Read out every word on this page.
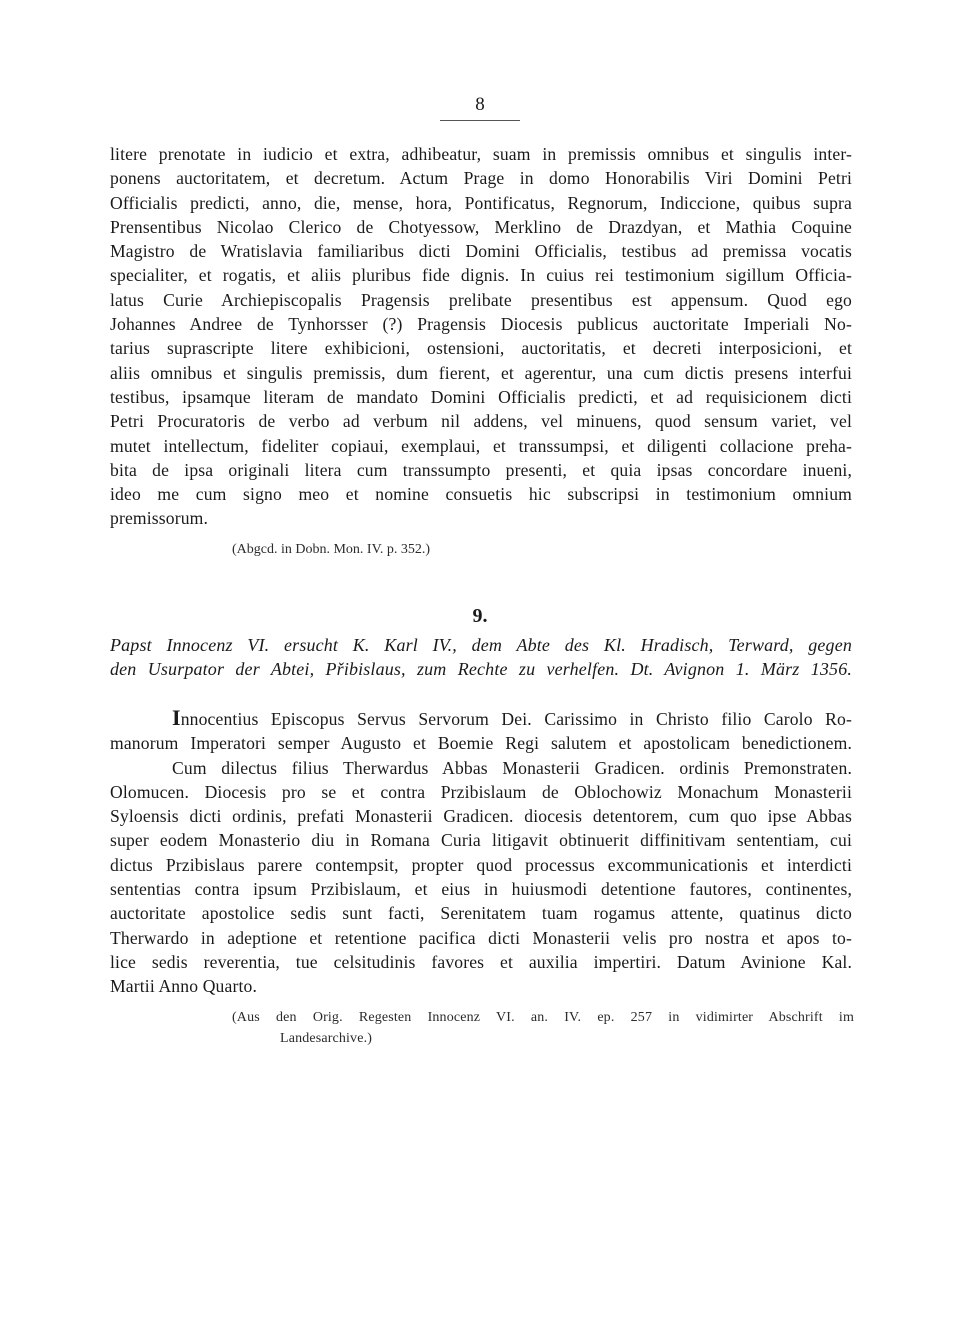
8
litere prenotate in iudicio et extra, adhibeatur, suam in premissis omnibus et singulis inter-
ponens auctoritatem, et decretum. Actum Prage in domo Honorabilis Viri Domini Petri
Officialis predicti, anno, die, mense, hora, Pontificatus, Regnorum, Indiccione, quibus supra
Prensentibus Nicolao Clerico de Chotyessow, Merklino de Drazdyan, et Mathia Coquine
Magistro de Wratislavia familiaribus dicti Domini Officialis, testibus ad premissa vocatis
specialiter, et rogatis, et aliis pluribus fide dignis. In cuius rei testimonium sigillum Officia-
latus Curie Archiepiscopalis Pragensis prelibate presentibus est appensum. Quod ego
Johannes Andree de Tynhorsser (?) Pragensis Diocesis publicus auctoritate Imperiali No-
tarius suprascripte litere exhibicioni, ostensioni, auctoritatis, et decreti interposicioni, et
aliis omnibus et singulis premissis, dum fierent, et agerentur, una cum dictis presens interfui
testibus, ipsamque literam de mandato Domini Officialis predicti, et ad requisicionem dicti
Petri Procuratoris de verbo ad verbum nil addens, vel minuens, quod sensum variet, vel
mutet intellectum, fideliter copiaui, exemplaui, et transsumpsi, et diligenti collacione preha-
bita de ipsa originali litera cum transsumpto presenti, et quia ipsas concordare inueni,
ideo me cum signo meo et nomine consuetis hic subscripsi in testimonium omnium
premissorum.
(Abgcd. in Dobn. Mon. IV. p. 352.)
9.
Papst Innocenz VI. ersucht K. Karl IV., dem Abte des Kl. Hradisch, Terward, gegen
den Usurpator der Abtei, Přibislaus, zum Rechte zu verhelfen. Dt. Avignon 1. März 1356.
Innocentius Episcopus Servus Servorum Dei. Carissimo in Christo filio Carolo Ro-
manorum Imperatori semper Augusto et Boemie Regi salutem et apostolicam benedictionem.
Cum dilectus filius Therwardus Abbas Monasterii Gradicen. ordinis Premonstraten.
Olomucen. Diocesis pro se et contra Przibislaum de Oblochowiz Monachum Monasterii
Syloensis dicti ordinis, prefati Monasterii Gradicen. diocesis detentorem, cum quo ipse Abbas
super eodem Monasterio diu in Romana Curia litigavit obtinuerit diffinitivam sententiam, cui
dictus Przibislaus parere contempsit, propter quod processus excommunicationis et interdicti
sententias contra ipsum Przibislaum, et eius in huiusmodi detentione fautores, continentes,
auctoritate apostolice sedis sunt facti, Serenitatem tuam rogamus attente, quatinus dicto
Therwardo in adeptione et retentione pacifica dicti Monasterii velis pro nostra et apos to-
lice sedis reverentia, tue celsitudinis favores et auxilia impertiri. Datum Avinione Kal.
Martii Anno Quarto.
(Aus den Orig. Regesten Innocenz VI. an. IV. ep. 257 in vidimirter Abschrift im
Landesarchive.)
